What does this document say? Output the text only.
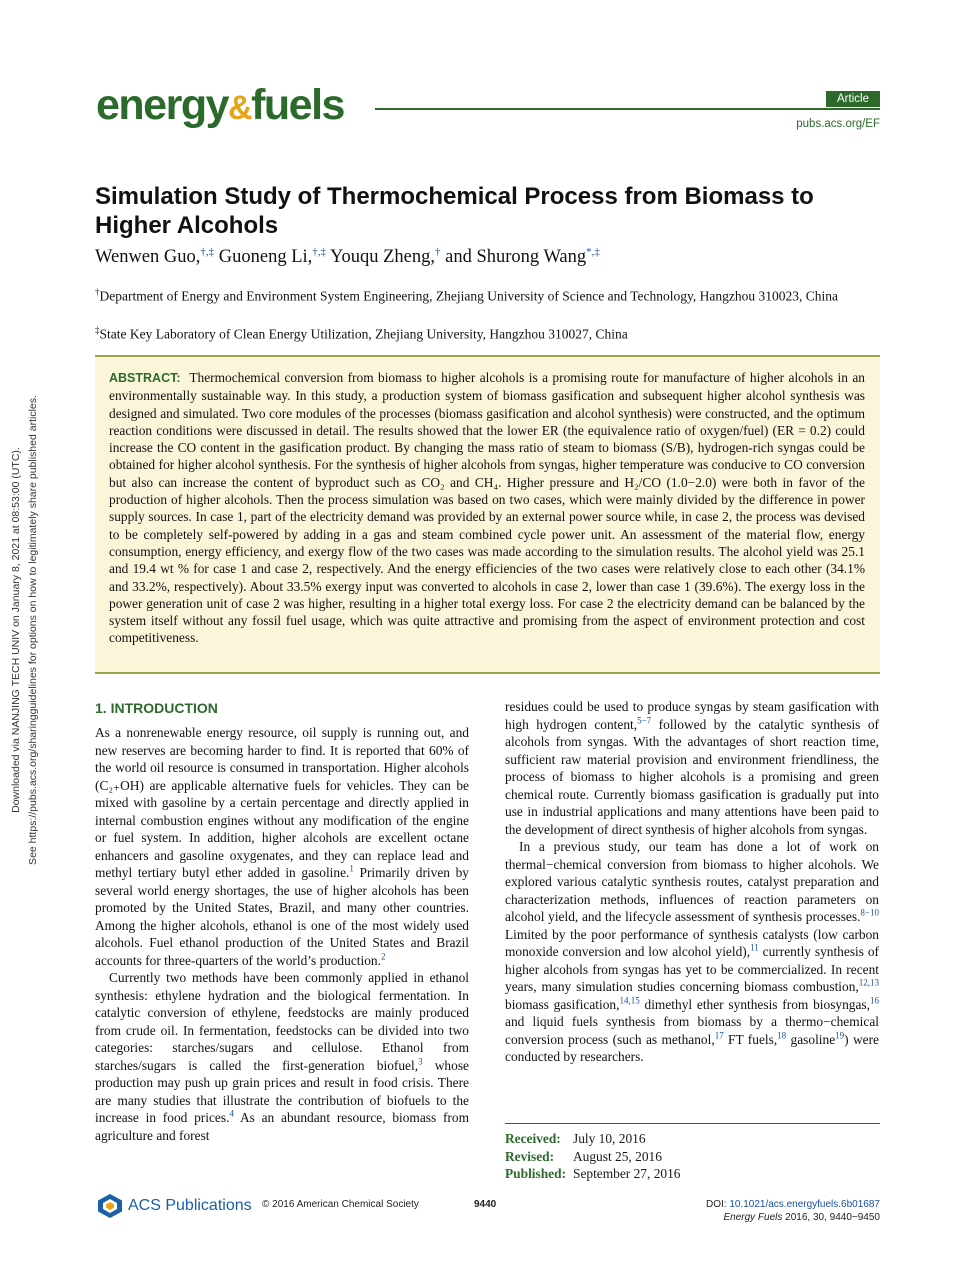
energy&fuels	Article
pubs.acs.org/EF
Downloaded via NANJING TECH UNIV on January 8, 2021 at 08:53:00 (UTC). See https://pubs.acs.org/sharingguidelines for options on how to legitimately share published articles.
Simulation Study of Thermochemical Process from Biomass to Higher Alcohols
Wenwen Guo,†,‡ Guoneng Li,†,‡ Youqu Zheng,† and Shurong Wang*,‡
†Department of Energy and Environment System Engineering, Zhejiang University of Science and Technology, Hangzhou 310023, China
‡State Key Laboratory of Clean Energy Utilization, Zhejiang University, Hangzhou 310027, China
ABSTRACT: Thermochemical conversion from biomass to higher alcohols is a promising route for manufacture of higher alcohols in an environmentally sustainable way. In this study, a production system of biomass gasification and subsequent higher alcohol synthesis was designed and simulated. Two core modules of the processes (biomass gasification and alcohol synthesis) were constructed, and the optimum reaction conditions were discussed in detail. The results showed that the lower ER (the equivalence ratio of oxygen/fuel) (ER = 0.2) could increase the CO content in the gasification product. By changing the mass ratio of steam to biomass (S/B), hydrogen-rich syngas could be obtained for higher alcohol synthesis. For the synthesis of higher alcohols from syngas, higher temperature was conducive to CO conversion but also can increase the content of byproduct such as CO₂ and CH₄. Higher pressure and H₂/CO (1.0−2.0) were both in favor of the production of higher alcohols. Then the process simulation was based on two cases, which were mainly divided by the difference in power supply sources. In case 1, part of the electricity demand was provided by an external power source while, in case 2, the process was devised to be completely self-powered by adding in a gas and steam combined cycle power unit. An assessment of the material flow, energy consumption, energy efficiency, and exergy flow of the two cases was made according to the simulation results. The alcohol yield was 25.1 and 19.4 wt % for case 1 and case 2, respectively. And the energy efficiencies of the two cases were relatively close to each other (34.1% and 33.2%, respectively). About 33.5% exergy input was converted to alcohols in case 2, lower than case 1 (39.6%). The exergy loss in the power generation unit of case 2 was higher, resulting in a higher total exergy loss. For case 2 the electricity demand can be balanced by the system itself without any fossil fuel usage, which was quite attractive and promising from the aspect of environment protection and cost competitiveness.
1. INTRODUCTION

As a nonrenewable energy resource, oil supply is running out, and new reserves are becoming harder to find. It is reported that 60% of the world oil resource is consumed in transportation. Higher alcohols (C₂₊OH) are applicable alternative fuels for vehicles. They can be mixed with gasoline by a certain percentage and directly applied in internal combustion engines without any modification of the engine or fuel system. In addition, higher alcohols are excellent octane enhancers and gasoline oxygenates, and they can replace lead and methyl tertiary butyl ether added in gasoline.$^1$ Primarily driven by several world energy shortages, the use of higher alcohols has been promoted by the United States, Brazil, and many other countries. Among the higher alcohols, ethanol is one of the most widely used alcohols. Fuel ethanol production of the United States and Brazil accounts for three-quarters of the world’s production.$^2$

Currently two methods have been commonly applied in ethanol synthesis: ethylene hydration and the biological fermentation. In catalytic conversion of ethylene, feedstocks are mainly produced from crude oil. In fermentation, feedstocks can be divided into two categories: starches/sugars and cellulose. Ethanol from starches/sugars is called the first-generation biofuel,$^3$ whose production may push up grain prices and result in food crisis. There are many studies that illustrate the contribution of biofuels to the increase in food prices.$^4$ As an abundant resource, biomass from agriculture and forest

residues could be used to produce syngas by steam gasification with high hydrogen content,$^{5-7}$ followed by the catalytic synthesis of alcohols from syngas. With the advantages of short reaction time, sufficient raw material provision and environment friendliness, the process of biomass to higher alcohols is a promising and green chemical route. Currently biomass gasification is gradually put into use in industrial applications and many attentions have been paid to the development of direct synthesis of higher alcohols from syngas.

In a previous study, our team has done a lot of work on thermal−chemical conversion from biomass to higher alcohols. We explored various catalytic synthesis routes, catalyst preparation and characterization methods, influences of reaction parameters on alcohol yield, and the lifecycle assessment of synthesis processes.$^{8-10}$ Limited by the poor performance of synthesis catalysts (low carbon monoxide conversion and low alcohol yield),$^{11}$ currently synthesis of higher alcohols from syngas has yet to be commercialized. In recent years, many simulation studies concerning biomass combustion,$^{12,13}$ biomass gasification,$^{14,15}$ dimethyl ether synthesis from biosyngas,$^{16}$ and liquid fuels synthesis from biomass by a thermo−chemical conversion process (such as methanol,$^{17}$ FT fuels,$^{18}$ gasoline$^{19}$) were conducted by researchers.

Received: July 10, 2016
Revised: August 25, 2016
Published: September 27, 2016
ACS Publications © 2016 American Chemical Society	9440	DOI: 10.1021/acs.energyfuels.6b01687
Energy Fuels 2016, 30, 9440−9450
